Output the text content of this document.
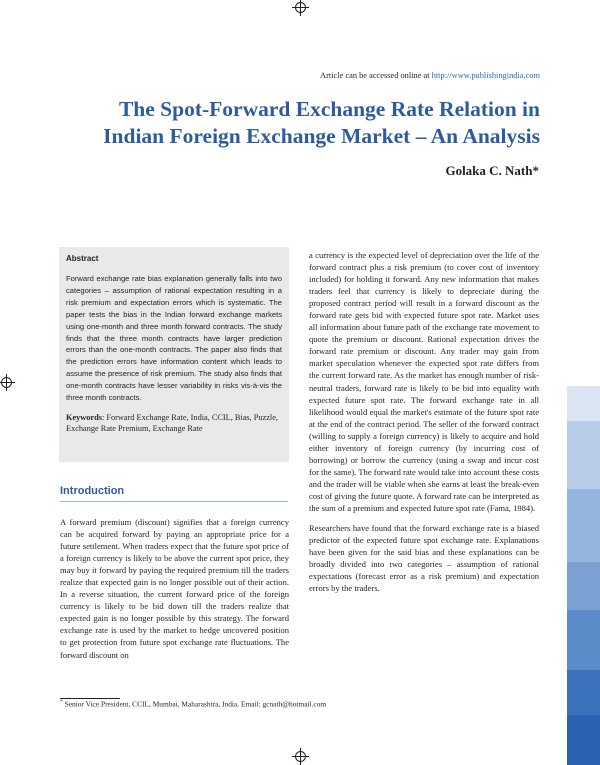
Article can be accessed online at http://www.publishingindia.com
The Spot-Forward Exchange Rate Relation in Indian Foreign Exchange Market – An Analysis
Golaka C. Nath*
Abstract

Forward exchange rate bias explanation generally falls into two categories – assumption of rational expectation resulting in a risk premium and expectation errors which is systematic. The paper tests the bias in the Indian forward exchange markets using one-month and three month forward contracts. The study finds that the three month contracts have larger prediction errors than the one-month contracts. The paper also finds that the prediction errors have information content which leads to assume the presence of risk premium. The study also finds that one-month contracts have lesser variability in risks vis-à-vis the three month contracts.

Keywords: Forward Exchange Rate, India, CCIL, Bias, Puzzle, Exchange Rate Premium, Exchange Rate
Introduction

A forward premium (discount) signifies that a foreign currency can be acquired forward by paying an appropriate price for a future settlement. When traders expect that the future spot price of a foreign currency is likely to be above the current spot price, they may buy it forward by paying the required premium till the traders realize that expected gain is no longer possible out of their action. In a reverse situation, the current forward price of the foreign currency is likely to be bid down till the traders realize that expected gain is no longer possible by this strategy. The forward exchange rate is used by the market to hedge uncovered position to get protection from future spot exchange rate fluctuations. The forward discount on

a currency is the expected level of depreciation over the life of the forward contract plus a risk premium (to cover cost of inventory included) for holding it forward. Any new information that makes traders feel that currency is likely to depreciate during the proposed contract period will result in a forward discount as the forward rate gets bid with expected future spot rate. Market uses all information about future path of the exchange rate movement to quote the premium or discount. Rational expectation drives the forward rate premium or discount. Any trader may gain from market speculation whenever the expected spot rate differs from the current forward rate. As the market has enough number of risk-neutral traders, forward rate is likely to be bid into equality with expected future spot rate. The forward exchange rate in all likelihood would equal the market's estimate of the future spot rate at the end of the contract period. The seller of the forward contract (willing to supply a foreign currency) is likely to acquire and hold either inventory of foreign currency (by incurring cost of borrowing) or borrow the currency (using a swap and incur cost for the same). The forward rate would take into account these costs and the trader will be viable when she earns at least the break-even cost of giving the future quote. A forward rate can be interpreted as the sum of a premium and expected future spot rate (Fama, 1984).

Researchers have found that the forward exchange rate is a biased predictor of the expected future spot exchange rate. Explanations have been given for the said bias and these explanations can be broadly divided into two categories – assumption of rational expectations (forecast error as a risk premium) and expectation errors by the traders.

* Senior Vice President, CCIL, Mumbai, Maharashtra, India. Email: gcnath@hotmail.com
